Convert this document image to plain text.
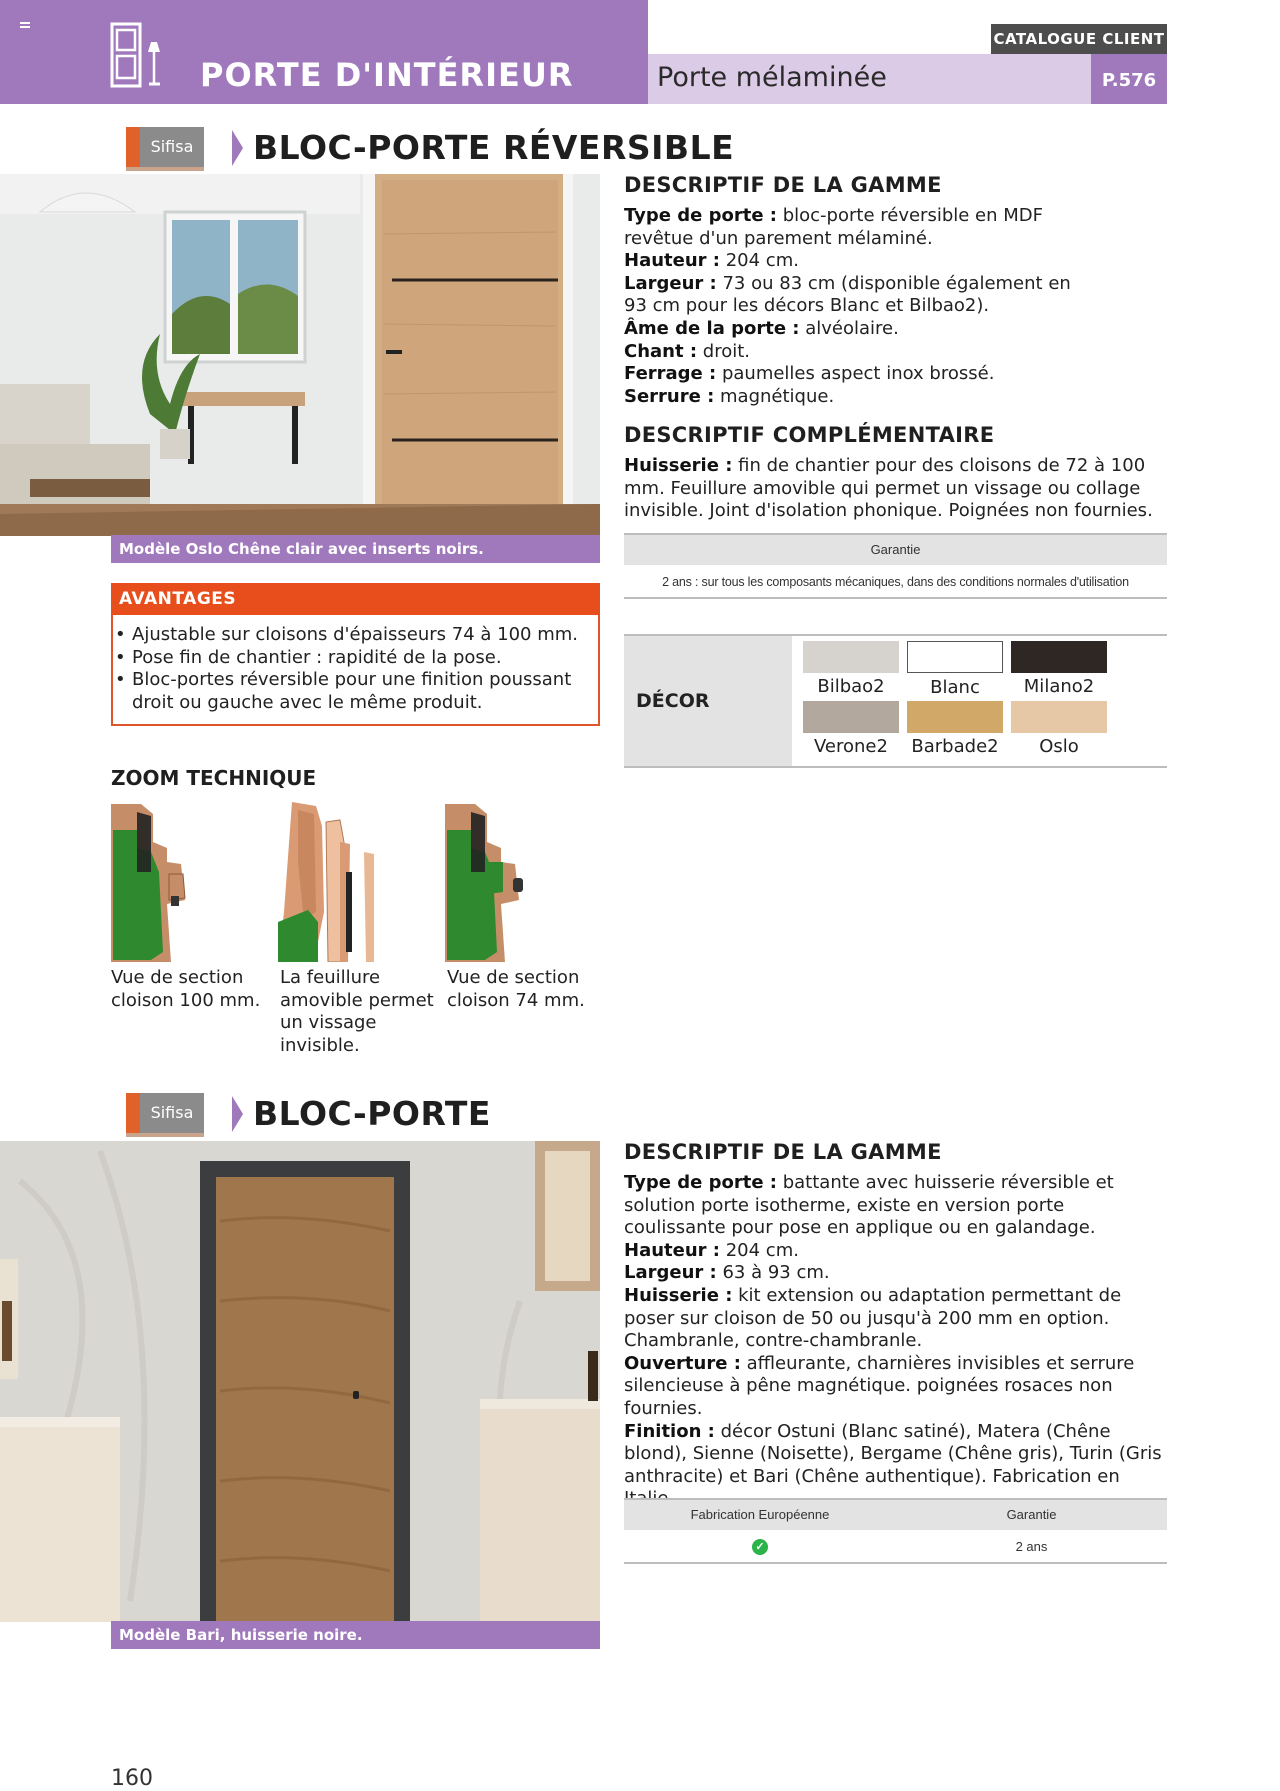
PORTE D'INTÉRIEUR	Porte mélaminée
CATALOGUE CLIENT
P.576
Sifisa	BLOC-PORTE RÉVERSIBLE
Modèle Oslo Chêne clair avec inserts noirs.
DESCRIPTIF DE LA GAMME
Type de porte : bloc-porte réversible en MDF revêtue d'un parement mélaminé.
Hauteur : 204 cm.
Largeur : 73 ou 83 cm (disponible également en 93 cm pour les décors Blanc et Bilbao2).
Âme de la porte : alvéolaire.
Chant : droit.
Ferrage : paumelles aspect inox brossé.
Serrure : magnétique.
DESCRIPTIF COMPLÉMENTAIRE
Huisserie : fin de chantier pour des cloisons de 72 à 100 mm. Feuillure amovible qui permet un vissage ou collage invisible. Joint d'isolation phonique. Poignées non fournies.
Garantie
2 ans : sur tous les composants mécaniques, dans des conditions normales d'utilisation
AVANTAGES
• Ajustable sur cloisons d'épaisseurs 74 à 100 mm.
• Pose fin de chantier : rapidité de la pose.
• Bloc-portes réversible pour une finition poussant droit ou gauche avec le même produit.	DÉCOR
Bilbao2	Blanc	Milano2
Verone2	Barbade2	Oslo
ZOOM TECHNIQUE
Vue de section cloison 100 mm.
La feuillure amovible permet un vissage invisible.
Vue de section cloison 74 mm.
Sifisa	BLOC-PORTE
Modèle Bari, huisserie noire.
DESCRIPTIF DE LA GAMME
Type de porte : battante avec huisserie réversible et solution porte isotherme, existe en version porte coulissante pour pose en applique ou en galandage.
Hauteur : 204 cm.
Largeur : 63 à 93 cm.
Huisserie : kit extension ou adaptation permettant de poser sur cloison de 50 ou jusqu'à 200 mm en option. Chambranle, contre-chambranle.
Ouverture : affleurante, charnières invisibles et serrure silencieuse à pêne magnétique. poignées rosaces non fournies.
Finition : décor Ostuni (Blanc satiné), Matera (Chêne blond), Sienne (Noisette), Bergame (Chêne gris), Turin (Gris anthracite) et Bari (Chêne authentique). Fabrication en
Fabrication Européenne	Garantie
✓	2 ans
160
